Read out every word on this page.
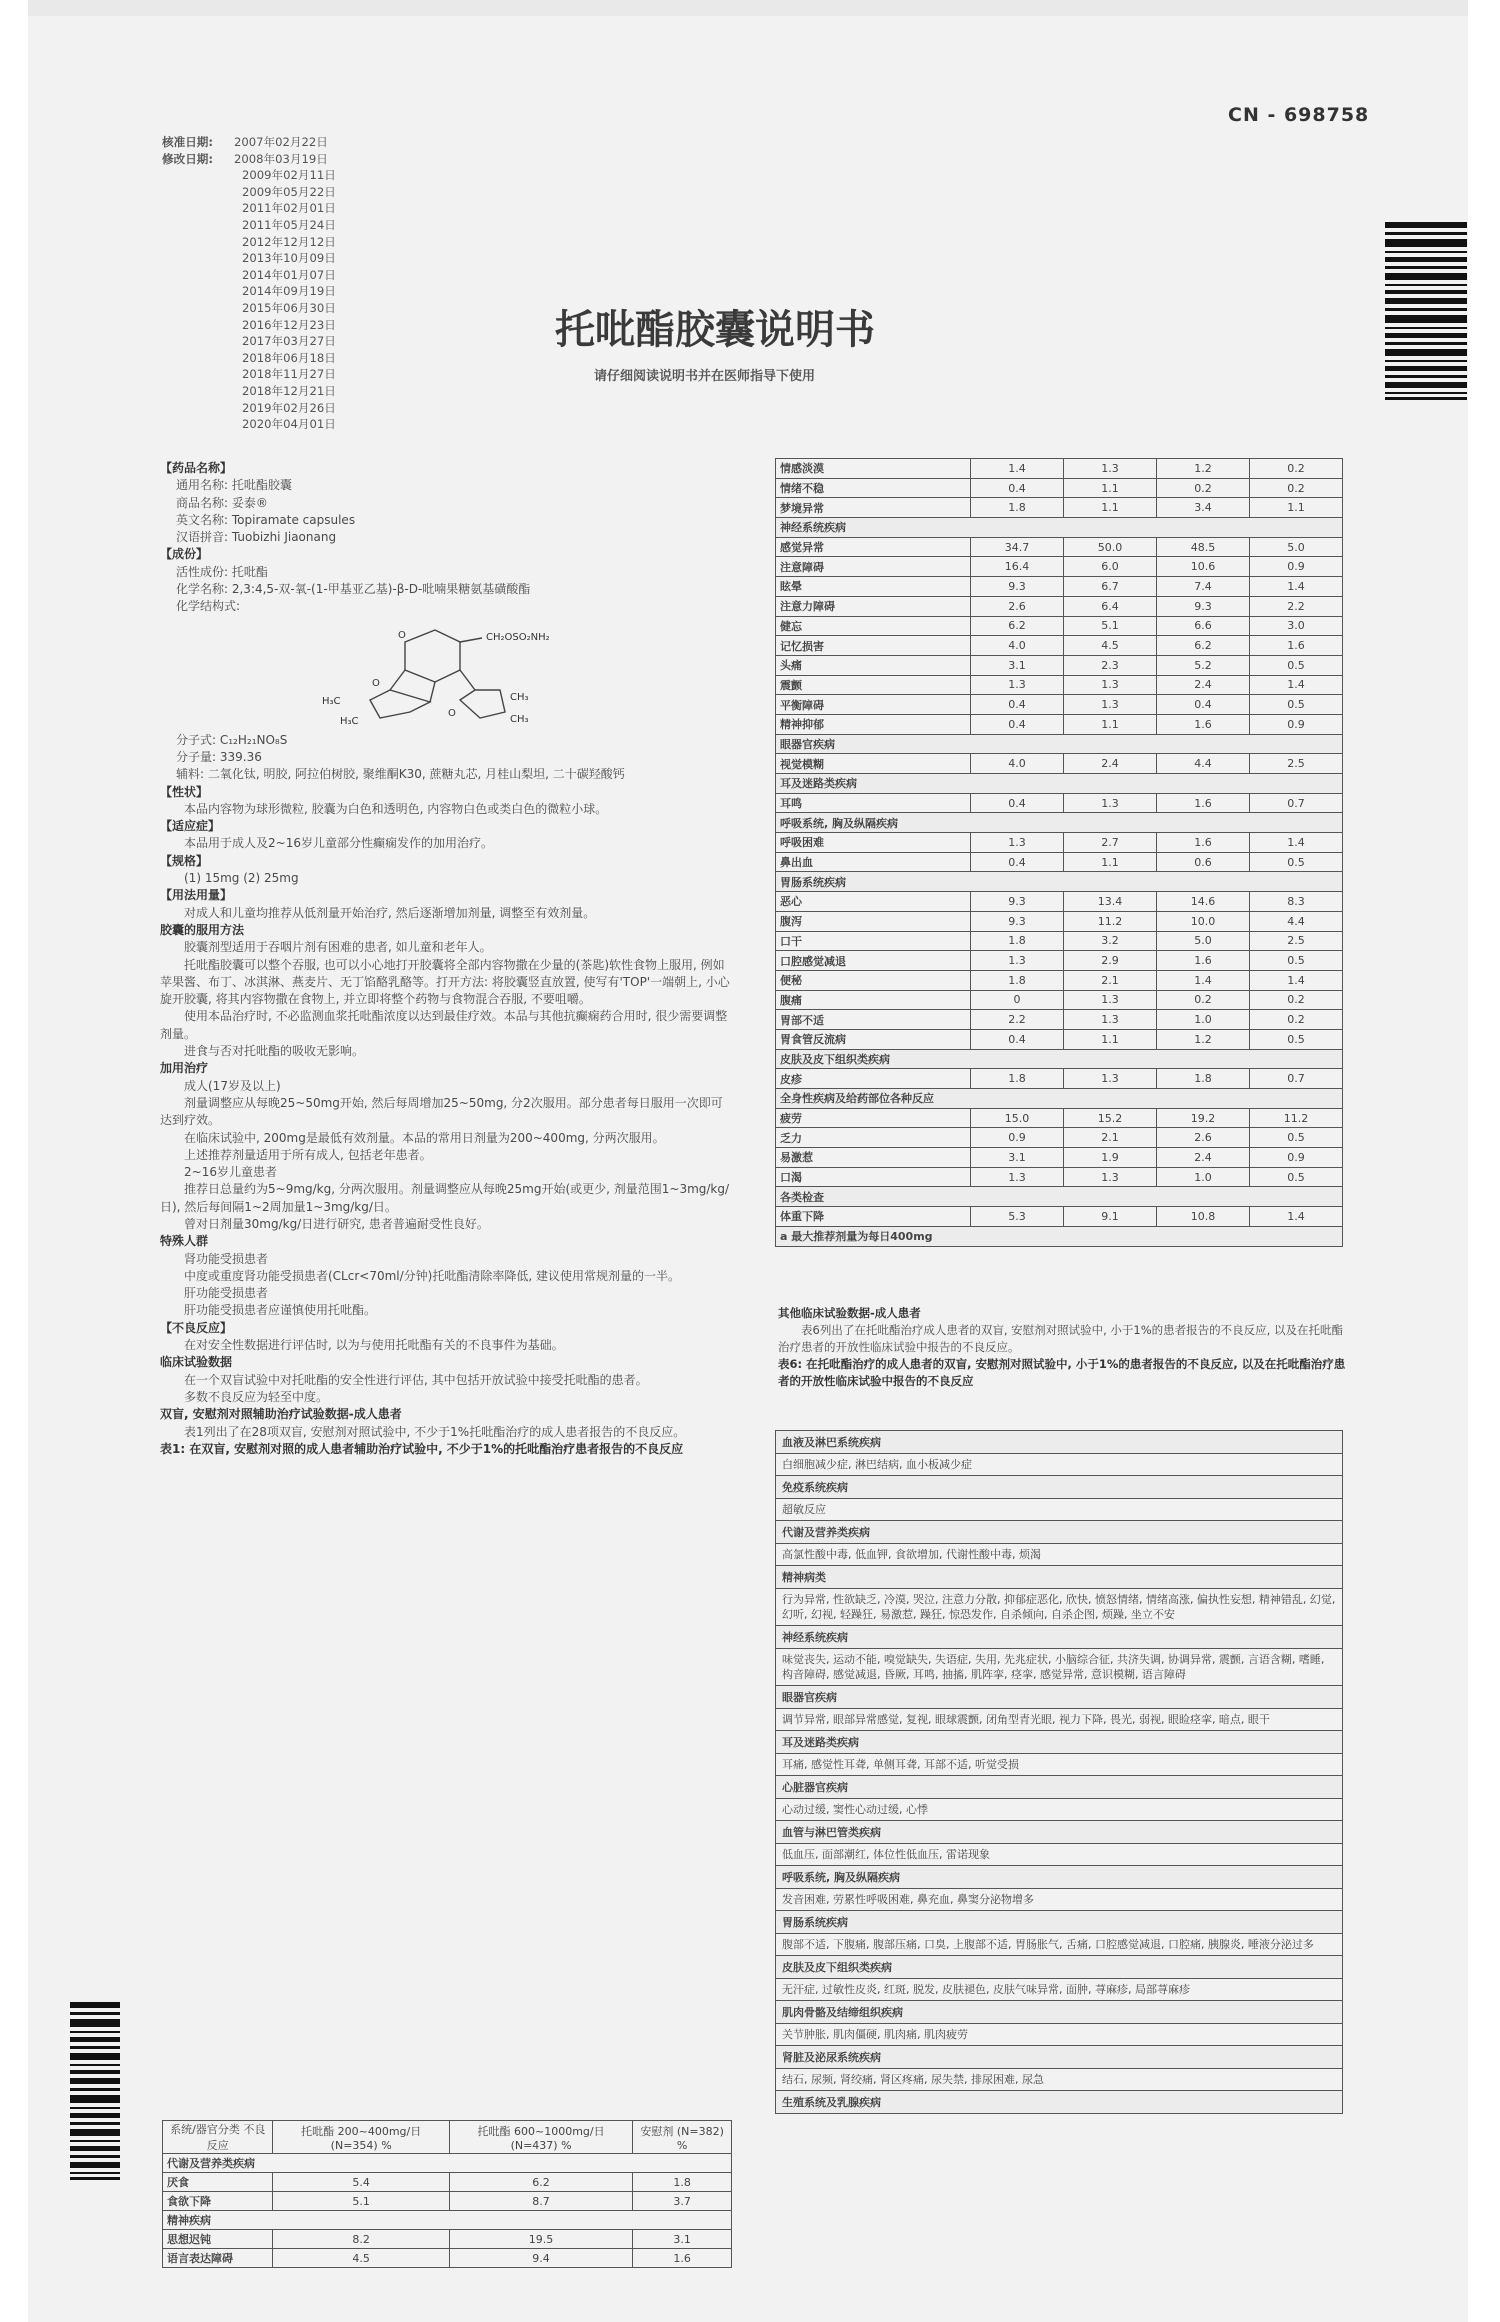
CN - 698758
托吡酯胶囊说明书
请仔细阅读说明书并在医师指导下使用
核准日期: 2007年02月22日
修改日期: 2008年03月19日
2009年02月11日
2009年05月22日
2011年02月01日
2011年05月24日
2012年12月12日
2013年10月09日
2014年01月07日
2014年09月19日
2015年06月30日
2016年12月23日
2017年03月27日
2018年06月18日
2018年11月27日
2018年12月21日
2019年02月26日
2020年04月01日

【药品名称】

通用名称: 托吡酯胶囊

商品名称: 妥泰®

英文名称: Topiramate capsules

汉语拼音: Tuobizhi Jiaonang

【成份】

活性成份: 托吡酯

化学名称: 2,3:4,5-双-氧-(1-甲基亚乙基)-β-D-吡喃果糖氨基磺酸酯

化学结构式:

CH₂OSO₂NH₂
H₃C
H₃C
CH₃
CH₃
O
O
O

分子式: C₁₂H₂₁NO₈S

分子量: 339.36

辅料: 二氧化钛, 明胶, 阿拉伯树胶, 聚维酮K30, 蔗糖丸芯, 月桂山梨坦, 二十碳羟酸钙

【性状】

本品内容物为球形微粒, 胶囊为白色和透明色, 内容物白色或类白色的微粒小球。

【适应症】

本品用于成人及2~16岁儿童部分性癫痫发作的加用治疗。

【规格】

(1) 15mg (2) 25mg

【用法用量】

对成人和儿童均推荐从低剂量开始治疗, 然后逐渐增加剂量, 调整至有效剂量。

胶囊的服用方法

胶囊剂型适用于吞咽片剂有困难的患者, 如儿童和老年人。

托吡酯胶囊可以整个吞服, 也可以小心地打开胶囊将全部内容物撒在少量的(茶匙)软性食物上服用, 例如苹果酱、布丁、冰淇淋、燕麦片、无丁馅酪乳酪等。打开方法: 将胶囊竖直放置, 使写有'TOP'一端朝上, 小心旋开胶囊, 将其内容物撒在食物上, 并立即将整个药物与食物混合吞服, 不要咀嚼。

使用本品治疗时, 不必监测血浆托吡酯浓度以达到最佳疗效。本品与其他抗癫痫药合用时, 很少需要调整剂量。

进食与否对托吡酯的吸收无影响。

加用治疗

成人(17岁及以上)

剂量调整应从每晚25~50mg开始, 然后每周增加25~50mg, 分2次服用。部分患者每日服用一次即可达到疗效。

在临床试验中, 200mg是最低有效剂量。本品的常用日剂量为200~400mg, 分两次服用。

上述推荐剂量适用于所有成人, 包括老年患者。

2~16岁儿童患者

推荐日总量约为5~9mg/kg, 分两次服用。剂量调整应从每晚25mg开始(或更少, 剂量范围1~3mg/kg/日), 然后每间隔1~2周加量1~3mg/kg/日。

曾对日剂量30mg/kg/日进行研究, 患者普遍耐受性良好。

特殊人群

肾功能受损患者

中度或重度肾功能受损患者(CLcr<70ml/分钟)托吡酯清除率降低, 建议使用常规剂量的一半。

肝功能受损患者

肝功能受损患者应谨慎使用托吡酯。

【不良反应】

在对安全性数据进行评估时, 以为与使用托吡酯有关的不良事件为基础。

临床试验数据

在一个双盲试验中对托吡酯的安全性进行评估, 其中包括开放试验中接受托吡酯的患者。

多数不良反应为轻至中度。

双盲, 安慰剂对照辅助治疗试验数据-成人患者

表1列出了在28项双盲, 安慰剂对照试验中, 不少于1%托吡酯治疗的成人患者报告的不良反应。

表1: 在双盲, 安慰剂对照的成人患者辅助治疗试验中, 不少于1%的托吡酯治疗患者报告的不良反应

系统/器官分类 不良反应	托吡酯 200~400mg/日 (N=354) %	托吡酯 600~1000mg/日 (N=437) %	安慰剂 (N=382) %
代谢及营养类疾病			
厌食	5.4	6.2	1.8
食欲下降	5.1	8.7	3.7
精神疾病			
思想迟钝	8.2	19.5	3.1
语言表达障碍	4.5	9.4	1.6
情感淡漠	1.4	1.3	1.2	0.2
情绪不稳	0.4	1.1	0.2	0.2
梦境异常	1.8	1.1	3.4	1.1
神经系统疾病				
感觉异常	34.7	50.0	48.5	5.0
注意障碍	16.4	6.0	10.6	0.9
眩晕	9.3	6.7	7.4	1.4
注意力障碍	2.6	6.4	9.3	2.2
健忘	6.2	5.1	6.6	3.0
记忆损害	4.0	4.5	6.2	1.6
头痛	3.1	2.3	5.2	0.5
震颤	1.3	1.3	2.4	1.4
平衡障碍	0.4	1.3	0.4	0.5
精神抑郁	0.4	1.1	1.6	0.9
眼器官疾病				
视觉模糊	4.0	2.4	4.4	2.5
耳及迷路类疾病				
耳鸣	0.4	1.3	1.6	0.7
呼吸系统, 胸及纵隔疾病				
呼吸困难	1.3	2.7	1.6	1.4
鼻出血	0.4	1.1	0.6	0.5
胃肠系统疾病				
恶心	9.3	13.4	14.6	8.3
腹泻	9.3	11.2	10.0	4.4
口干	1.8	3.2	5.0	2.5
口腔感觉减退	1.3	2.9	1.6	0.5
便秘	1.8	2.1	1.4	1.4
腹痛	0	1.3	0.2	0.2
胃部不适	2.2	1.3	1.0	0.2
胃食管反流病	0.4	1.1	1.2	0.5
皮肤及皮下组织类疾病				
皮疹	1.8	1.3	1.8	0.7
全身性疾病及给药部位各种反应				
疲劳	15.0	15.2	19.2	11.2
乏力	0.9	2.1	2.6	0.5
易激惹	3.1	1.9	2.4	0.9
口渴	1.3	1.3	1.0	0.5
各类检查				
体重下降	5.3	9.1	10.8	1.4
a 最大推荐剂量为每日400mg				

其他临床试验数据-成人患者

表6列出了在托吡酯治疗成人患者的双盲, 安慰剂对照试验中, 小于1%的患者报告的不良反应, 以及在托吡酯治疗患者的开放性临床试验中报告的不良反应。

表6: 在托吡酯治疗的成人患者的双盲, 安慰剂对照试验中, 小于1%的患者报告的不良反应, 以及在托吡酯治疗患者的开放性临床试验中报告的不良反应

血液及淋巴系统疾病
白细胞减少症, 淋巴结病, 血小板减少症
免疫系统疾病
超敏反应
代谢及营养类疾病
高氯性酸中毒, 低血钾, 食欲增加, 代谢性酸中毒, 烦渴
精神病类
行为异常, 性欲缺乏, 冷漠, 哭泣, 注意力分散, 抑郁症恶化, 欣快, 愤怒情绪, 情绪高涨, 偏执性妄想, 精神错乱, 幻觉, 幻听, 幻视, 轻躁狂, 易激惹, 躁狂, 惊恐发作, 自杀倾向, 自杀企图, 烦躁, 坐立不安
神经系统疾病
味觉丧失, 运动不能, 嗅觉缺失, 失语症, 失用, 先兆症状, 小脑综合征, 共济失调, 协调异常, 震颤, 言语含糊, 嗜睡, 构音障碍, 感觉减退, 昏厥, 耳鸣, 抽搐, 肌阵挛, 痉挛, 感觉异常, 意识模糊, 语言障碍
眼器官疾病
调节异常, 眼部异常感觉, 复视, 眼球震颤, 闭角型青光眼, 视力下降, 畏光, 弱视, 眼睑痉挛, 暗点, 眼干
耳及迷路类疾病
耳痛, 感觉性耳聋, 单侧耳聋, 耳部不适, 听觉受损
心脏器官疾病
心动过缓, 窦性心动过缓, 心悸
血管与淋巴管类疾病
低血压, 面部潮红, 体位性低血压, 雷诺现象
呼吸系统, 胸及纵隔疾病
发音困难, 劳累性呼吸困难, 鼻充血, 鼻窦分泌物增多
胃肠系统疾病
腹部不适, 下腹痛, 腹部压痛, 口臭, 上腹部不适, 胃肠胀气, 舌痛, 口腔感觉减退, 口腔痛, 胰腺炎, 唾液分泌过多
皮肤及皮下组织类疾病
无汗症, 过敏性皮炎, 红斑, 脱发, 皮肤褪色, 皮肤气味异常, 面肿, 荨麻疹, 局部荨麻疹
肌肉骨骼及结缔组织疾病
关节肿胀, 肌肉僵硬, 肌肉痛, 肌肉疲劳
肾脏及泌尿系统疾病
结石, 尿频, 肾绞痛, 肾区疼痛, 尿失禁, 排尿困难, 尿急
生殖系统及乳腺疾病
